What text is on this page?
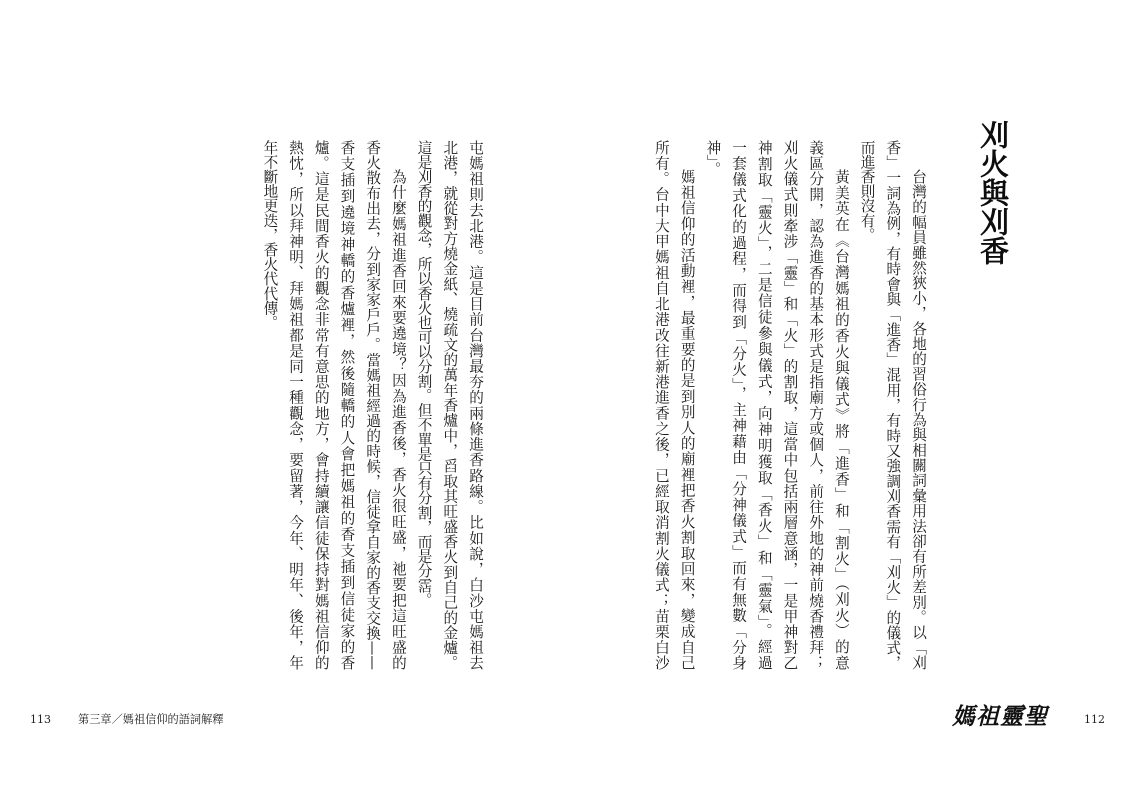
屯媽祖則去北港。這是目前台灣最夯的兩條進香路線。比如說，白沙屯媽祖去

北港，就從對方燒金紙、燒疏文的萬年香爐中，舀取其旺盛香火到自己的金爐。

這是刈香的觀念，所以香火也可以分割。但不單是只有分割，而是分霑。

為什麼媽祖進香回來要遶境？因為進香後，香火很旺盛，祂要把這旺盛的

香火散布出去，分到家家戶戶。當媽祖經過的時候，信徒拿自家的香支交換——

香支插到遶境神轎的香爐裡，然後隨轎的人會把媽祖的香支插到信徒家的香

爐。這是民間香火的觀念非常有意思的地方，會持續讓信徒保持對媽祖信仰的

熱忱，所以拜神明、拜媽祖都是同一種觀念，要留著，今年、明年、後年，年

年不斷地更迭，香火代代傳。

113 第三章／媽祖信仰的語詞解釋
刈火與刈香

台灣的幅員雖然狹小，各地的習俗行為與相關詞彙用法卻有所差別。以「刈

香」一詞為例，有時會與「進香」混用，有時又強調刈香需有「刈火」的儀式，

而進香則沒有。

黃美英在《台灣媽祖的香火與儀式》將「進香」和「割火」（刈火）的意

義區分開，認為進香的基本形式是指廟方或個人，前往外地的神前燒香禮拜；

刈火儀式則牽涉「靈」和「火」的割取，這當中包括兩層意涵，一是甲神對乙

神割取「靈火」，二是信徒參與儀式，向神明獲取「香火」和「靈氣」。經過

一套儀式化的過程，而得到「分火」，主神藉由「分神儀式」而有無數「分身

神」。

媽祖信仰的活動裡，最重要的是到別人的廟裡把香火割取回來，變成自己

所有。台中大甲媽祖自北港改往新港進香之後，已經取消割火儀式；苗栗白沙

媽祖靈聖	112
